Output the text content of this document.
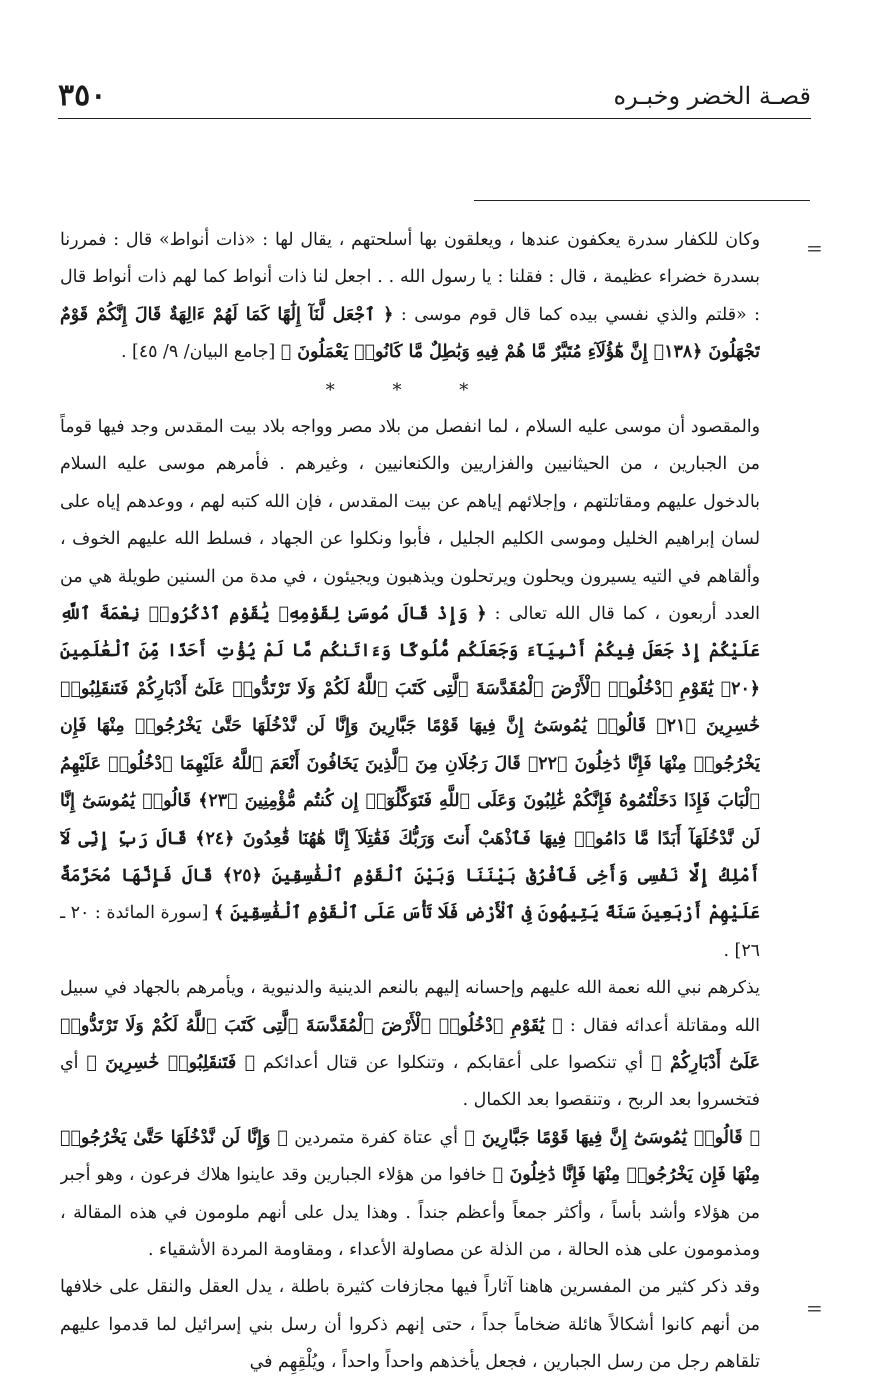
٣٥٠	قصـة الخضر وخبـره
=
=

وكان للكفار سدرة يعكفون عندها ، ويعلقون بها أسلحتهم ، يقال لها : «ذات أنواط» قال : فمررنا بسدرة خضراء عظيمة ، قال : فقلنا : يا رسول الله . . اجعل لنا ذات أنواط كما لهم ذات أنواط قال : «قلتم والذي نفسي بيده كما قال قوم موسى : ﴿ ٱجْعَل لَّنَآ إِلَٰهًا كَمَا لَهُمْ ءَالِهَةٌ قَالَ إِنَّكُمْ قَوْمٌ تَجْهَلُونَ ﴿١٣٨﴾ إِنَّ هَٰٓؤُلَآءِ مُتَبَّرٌ مَّا هُمْ فِيهِ وَبَٰطِلٌ مَّا كَانُوا۟ يَعْمَلُونَ ﴾ [جامع البيان/ ٩/ ٤٥] .

* * *

والمقصود أن موسى عليه السلام ، لما انفصل من بلاد مصر وواجه بلاد بيت المقدس وجد فيها قوماً من الجبارين ، من الحيثانيين والفزاريين والكنعانيين ، وغيرهم . فأمرهم موسى عليه السلام بالدخول عليهم ومقاتلتهم ، وإجلائهم إياهم عن بيت المقدس ، فإن الله كتبه لهم ، ووعدهم إياه على لسان إبراهيم الخليل وموسى الكليم الجليل ، فأبوا ونكلوا عن الجهاد ، فسلط الله عليهم الخوف ، وألقاهم في التيه يسيرون ويحلون ويرتحلون ويذهبون ويجيئون ، في مدة من السنين طويلة هي من العدد أربعون ، كما قال الله تعالى : ﴿ وَإِذْ قَالَ مُوسَىٰ لِقَوْمِهِۦ يَٰقَوْمِ ٱذْكُرُوا۟ نِعْمَةَ ٱللَّهِ عَلَيْكُمْ إِذْ جَعَلَ فِيكُمْ أَنۢبِيَآءَ وَجَعَلَكُم مُّلُوكًا وَءَاتَىٰكُم مَّا لَمْ يُؤْتِ أَحَدًا مِّنَ ٱلْعَٰلَمِينَ ﴿٢٠﴾ يَٰقَوْمِ ٱدْخُلُوا۟ ٱلْأَرْضَ ٱلْمُقَدَّسَةَ ٱلَّتِى كَتَبَ ٱللَّهُ لَكُمْ وَلَا تَرْتَدُّوا۟ عَلَىٰٓ أَدْبَارِكُمْ فَتَنقَلِبُوا۟ خَٰسِرِينَ ﴿٢١﴾ قَالُوا۟ يَٰمُوسَىٰٓ إِنَّ فِيهَا قَوْمًا جَبَّارِينَ وَإِنَّا لَن نَّدْخُلَهَا حَتَّىٰ يَخْرُجُوا۟ مِنْهَا فَإِن يَخْرُجُوا۟ مِنْهَا فَإِنَّا دَٰخِلُونَ ﴿٢٢﴾ قَالَ رَجُلَانِ مِنَ ٱلَّذِينَ يَخَافُونَ أَنْعَمَ ٱللَّهُ عَلَيْهِمَا ٱدْخُلُوا۟ عَلَيْهِمُ ٱلْبَابَ فَإِذَا دَخَلْتُمُوهُ فَإِنَّكُمْ غَٰلِبُونَ وَعَلَى ٱللَّهِ فَتَوَكَّلُوٓا۟ إِن كُنتُم مُّؤْمِنِينَ ﴿٢٣﴾ قَالُوا۟ يَٰمُوسَىٰٓ إِنَّا لَن نَّدْخُلَهَآ أَبَدًا مَّا دَامُوا۟ فِيهَا فَٱذْهَبْ أَنتَ وَرَبُّكَ فَقَٰتِلَآ إِنَّا هَٰهُنَا قَٰعِدُونَ ﴿٢٤﴾ قَالَ رَبِّ إِنِّى لَآ أَمْلِكُ إِلَّا نَفْسِى وَأَخِى فَٱفْرُقْ بَيْنَنَا وَبَيْنَ ٱلْقَوْمِ ٱلْفَٰسِقِينَ ﴿٢٥﴾ قَالَ فَإِنَّهَا مُحَرَّمَةٌ عَلَيْهِمْ أَرْبَعِينَ سَنَةً يَتِيهُونَ فِى ٱلْأَرْضِ فَلَا تَأْسَ عَلَى ٱلْقَوْمِ ٱلْفَٰسِقِينَ ﴾ [سورة المائدة : ٢٠ ـ ٢٦] .

يذكرهم نبي الله نعمة الله عليهم وإحسانه إليهم بالنعم الدينية والدنيوية ، ويأمرهم بالجهاد في سبيل الله ومقاتلة أعدائه فقال : ﴿ يَٰقَوْمِ ٱدْخُلُوا۟ ٱلْأَرْضَ ٱلْمُقَدَّسَةَ ٱلَّتِى كَتَبَ ٱللَّهُ لَكُمْ وَلَا تَرْتَدُّوا۟ عَلَىٰٓ أَدْبَارِكُمْ ﴾ أي تنكصوا على أعقابكم ، وتنكلوا عن قتال أعدائكم ﴿ فَتَنقَلِبُوا۟ خَٰسِرِينَ ﴾ أي فتخسروا بعد الربح ، وتنقصوا بعد الكمال .

﴿ قَالُوا۟ يَٰمُوسَىٰٓ إِنَّ فِيهَا قَوْمًا جَبَّارِينَ ﴾ أي عتاة كفرة متمردين ﴿ وَإِنَّا لَن نَّدْخُلَهَا حَتَّىٰ يَخْرُجُوا۟ مِنْهَا فَإِن يَخْرُجُوا۟ مِنْهَا فَإِنَّا دَٰخِلُونَ ﴾ خافوا من هؤلاء الجبارين وقد عاينوا هلاك فرعون ، وهو أجبر من هؤلاء وأشد بأساً ، وأكثر جمعاً وأعظم جنداً . وهذا يدل على أنهم ملومون في هذه المقالة ، ومذمومون على هذه الحالة ، من الذلة عن مصاولة الأعداء ، ومقاومة المردة الأشقياء .

وقد ذكر كثير من المفسرين هاهنا آثاراً فيها مجازفات كثيرة باطلة ، يدل العقل والنقل على خلافها من أنهم كانوا أشكالاً هائلة ضخاماً جداً ، حتى إنهم ذكروا أن رسل بني إسرائيل لما قدموا عليهم تلقاهم رجل من رسل الجبارين ، فجعل يأخذهم واحداً واحداً ، ويُلْقِهِم في
